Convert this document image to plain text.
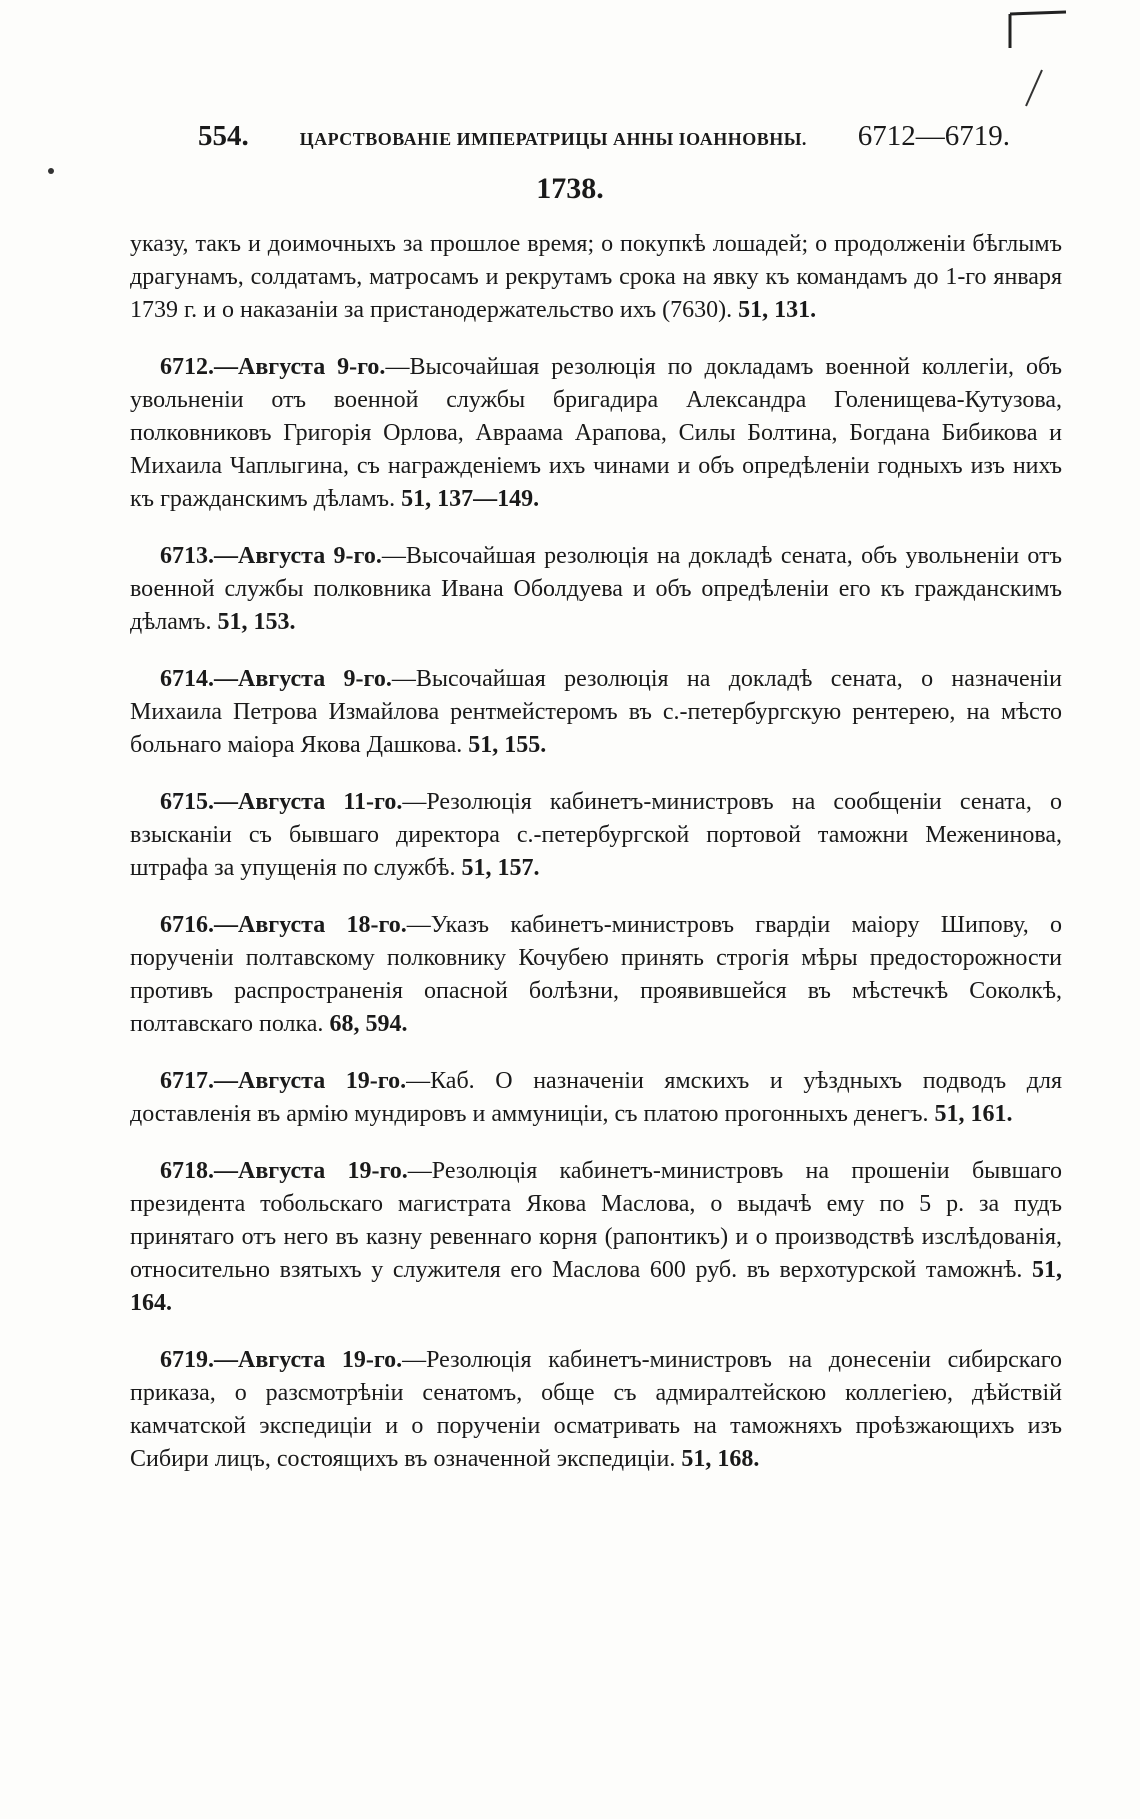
554.	ЦАРСТВОВАНІЕ ИМПЕРАТРИЦЫ АННЫ ІОАННОВНЫ. 6712—6719.
1738.

указу, такъ и доимочныхъ за прошлое время; о покупкѣ лошадей; о продолженіи бѣглымъ драгунамъ, солдатамъ, матросамъ и рекрутамъ срока на явку къ командамъ до 1-го января 1739 г. и о наказаніи за пристанодержательство ихъ (7630). 51, 131.

6712.—Августа 9-го.—Высочайшая резолюція по докладамъ военной коллегіи, объ увольненіи отъ военной службы бригадира Александра Голенищева-Кутузова, полковниковъ Григорія Орлова, Авраама Арапова, Силы Болтина, Богдана Бибикова и Михаила Чаплыгина, съ награжденіемъ ихъ чинами и объ опредѣленіи годныхъ изъ нихъ къ гражданскимъ дѣламъ. 51, 137—149.

6713.—Августа 9-го.—Высочайшая резолюція на докладѣ сената, объ увольненіи отъ военной службы полковника Ивана Оболдуева и объ опредѣленіи его къ гражданскимъ дѣламъ. 51, 153.

6714.—Августа 9-го.—Высочайшая резолюція на докладѣ сената, о назначеніи Михаила Петрова Измайлова рентмейстеромъ въ с.-петербургскую рентерею, на мѣсто больнаго маіора Якова Дашкова. 51, 155.

6715.—Августа 11-го.—Резолюція кабинетъ-министровъ на сообщеніи сената, о взысканіи съ бывшаго директора с.-петербургской портовой таможни Меженинова, штрафа за упущенія по службѣ. 51, 157.

6716.—Августа 18-го.—Указъ кабинетъ-министровъ гвардіи маіору Шипову, о порученіи полтавскому полковнику Кочубею принять строгія мѣры предосторожности противъ распространенія опасной болѣзни, проявившейся въ мѣстечкѣ Соколкѣ, полтавскаго полка. 68, 594.

6717.—Августа 19-го.—Каб. О назначеніи ямскихъ и уѣздныхъ подводъ для доставленія въ армію мундировъ и аммуниціи, съ платою прогонныхъ денегъ. 51, 161.

6718.—Августа 19-го.—Резолюція кабинетъ-министровъ на прошеніи бывшаго президента тобольскаго магистрата Якова Маслова, о выдачѣ ему по 5 р. за пудъ принятаго отъ него въ казну ревеннаго корня (рапонтикъ) и о производствѣ изслѣдованія, относительно взятыхъ у служителя его Маслова 600 руб. въ верхотурской таможнѣ. 51, 164.

6719.—Августа 19-го.—Резолюція кабинетъ-министровъ на донесеніи сибирскаго приказа, о разсмотрѣніи сенатомъ, обще съ адмиралтейскою коллегіею, дѣйствій камчатской экспедиціи и о порученіи осматривать на таможняхъ проѣзжающихъ изъ Сибири лицъ, состоящихъ въ означенной экспедиціи. 51, 168.
